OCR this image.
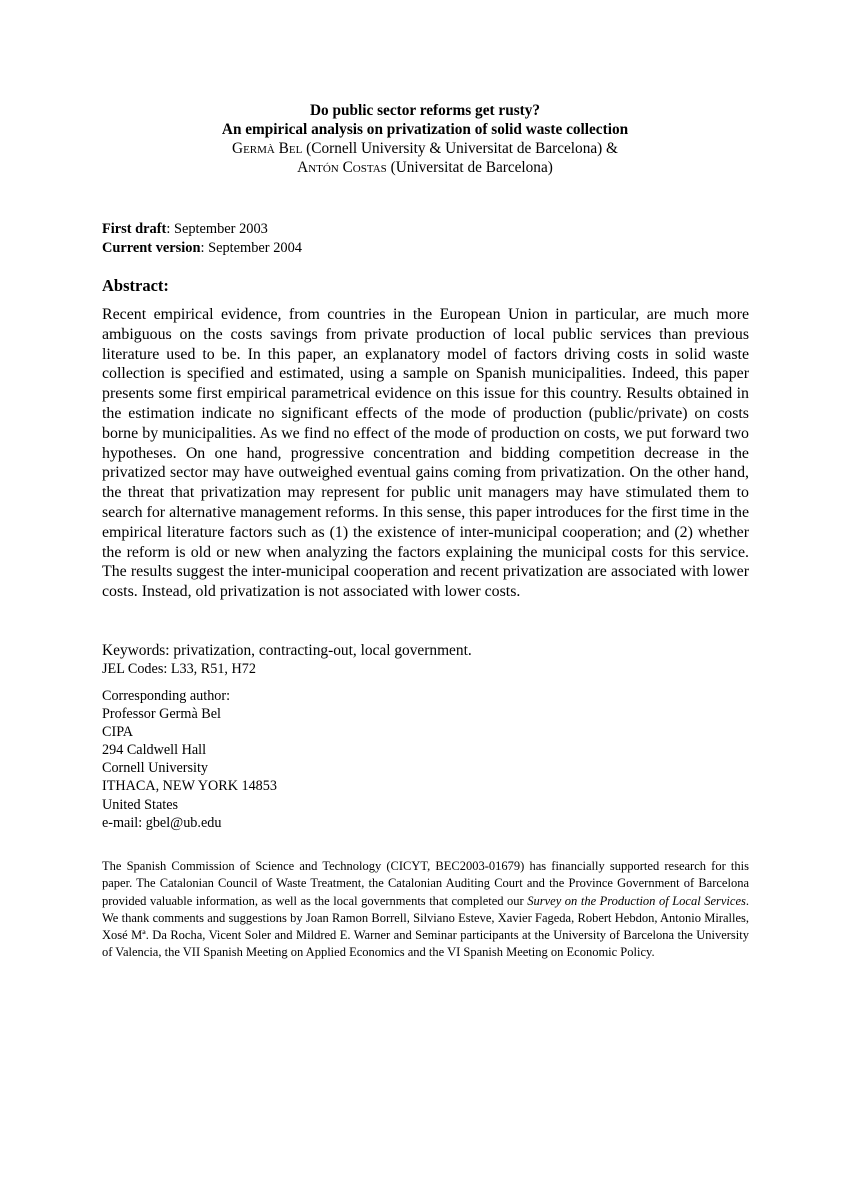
Do public sector reforms get rusty?
An empirical analysis on privatization of solid waste collection
Germà Bel (Cornell University & Universitat de Barcelona) &
Antón Costas (Universitat de Barcelona)
First draft: September 2003
Current version: September 2004
Abstract:
Recent empirical evidence, from countries in the European Union in particular, are much more ambiguous on the costs savings from private production of local public services than previous literature used to be. In this paper, an explanatory model of factors driving costs in solid waste collection is specified and estimated, using a sample on Spanish municipalities. Indeed, this paper presents some first empirical parametrical evidence on this issue for this country. Results obtained in the estimation indicate no significant effects of the mode of production (public/private) on costs borne by municipalities. As we find no effect of the mode of production on costs, we put forward two hypotheses. On one hand, progressive concentration and bidding competition decrease in the privatized sector may have outweighed eventual gains coming from privatization. On the other hand, the threat that privatization may represent for public unit managers may have stimulated them to search for alternative management reforms. In this sense, this paper introduces for the first time in the empirical literature factors such as (1) the existence of inter-municipal cooperation; and (2) whether the reform is old or new when analyzing the factors explaining the municipal costs for this service. The results suggest the inter-municipal cooperation and recent privatization are associated with lower costs. Instead, old privatization is not associated with lower costs.
Keywords: privatization, contracting-out, local government.
JEL Codes: L33, R51, H72
Corresponding author:
Professor Germà Bel
CIPA
294 Caldwell Hall
Cornell University
ITHACA, NEW YORK 14853
United States
e-mail: gbel@ub.edu
The Spanish Commission of Science and Technology (CICYT, BEC2003-01679) has financially supported research for this paper. The Catalonian Council of Waste Treatment, the Catalonian Auditing Court and the Province Government of Barcelona provided valuable information, as well as the local governments that completed our Survey on the Production of Local Services. We thank comments and suggestions by Joan Ramon Borrell, Silviano Esteve, Xavier Fageda, Robert Hebdon, Antonio Miralles, Xosé Mª. Da Rocha, Vicent Soler and Mildred E. Warner and Seminar participants at the University of Barcelona the University of Valencia, the VII Spanish Meeting on Applied Economics and the VI Spanish Meeting on Economic Policy.
